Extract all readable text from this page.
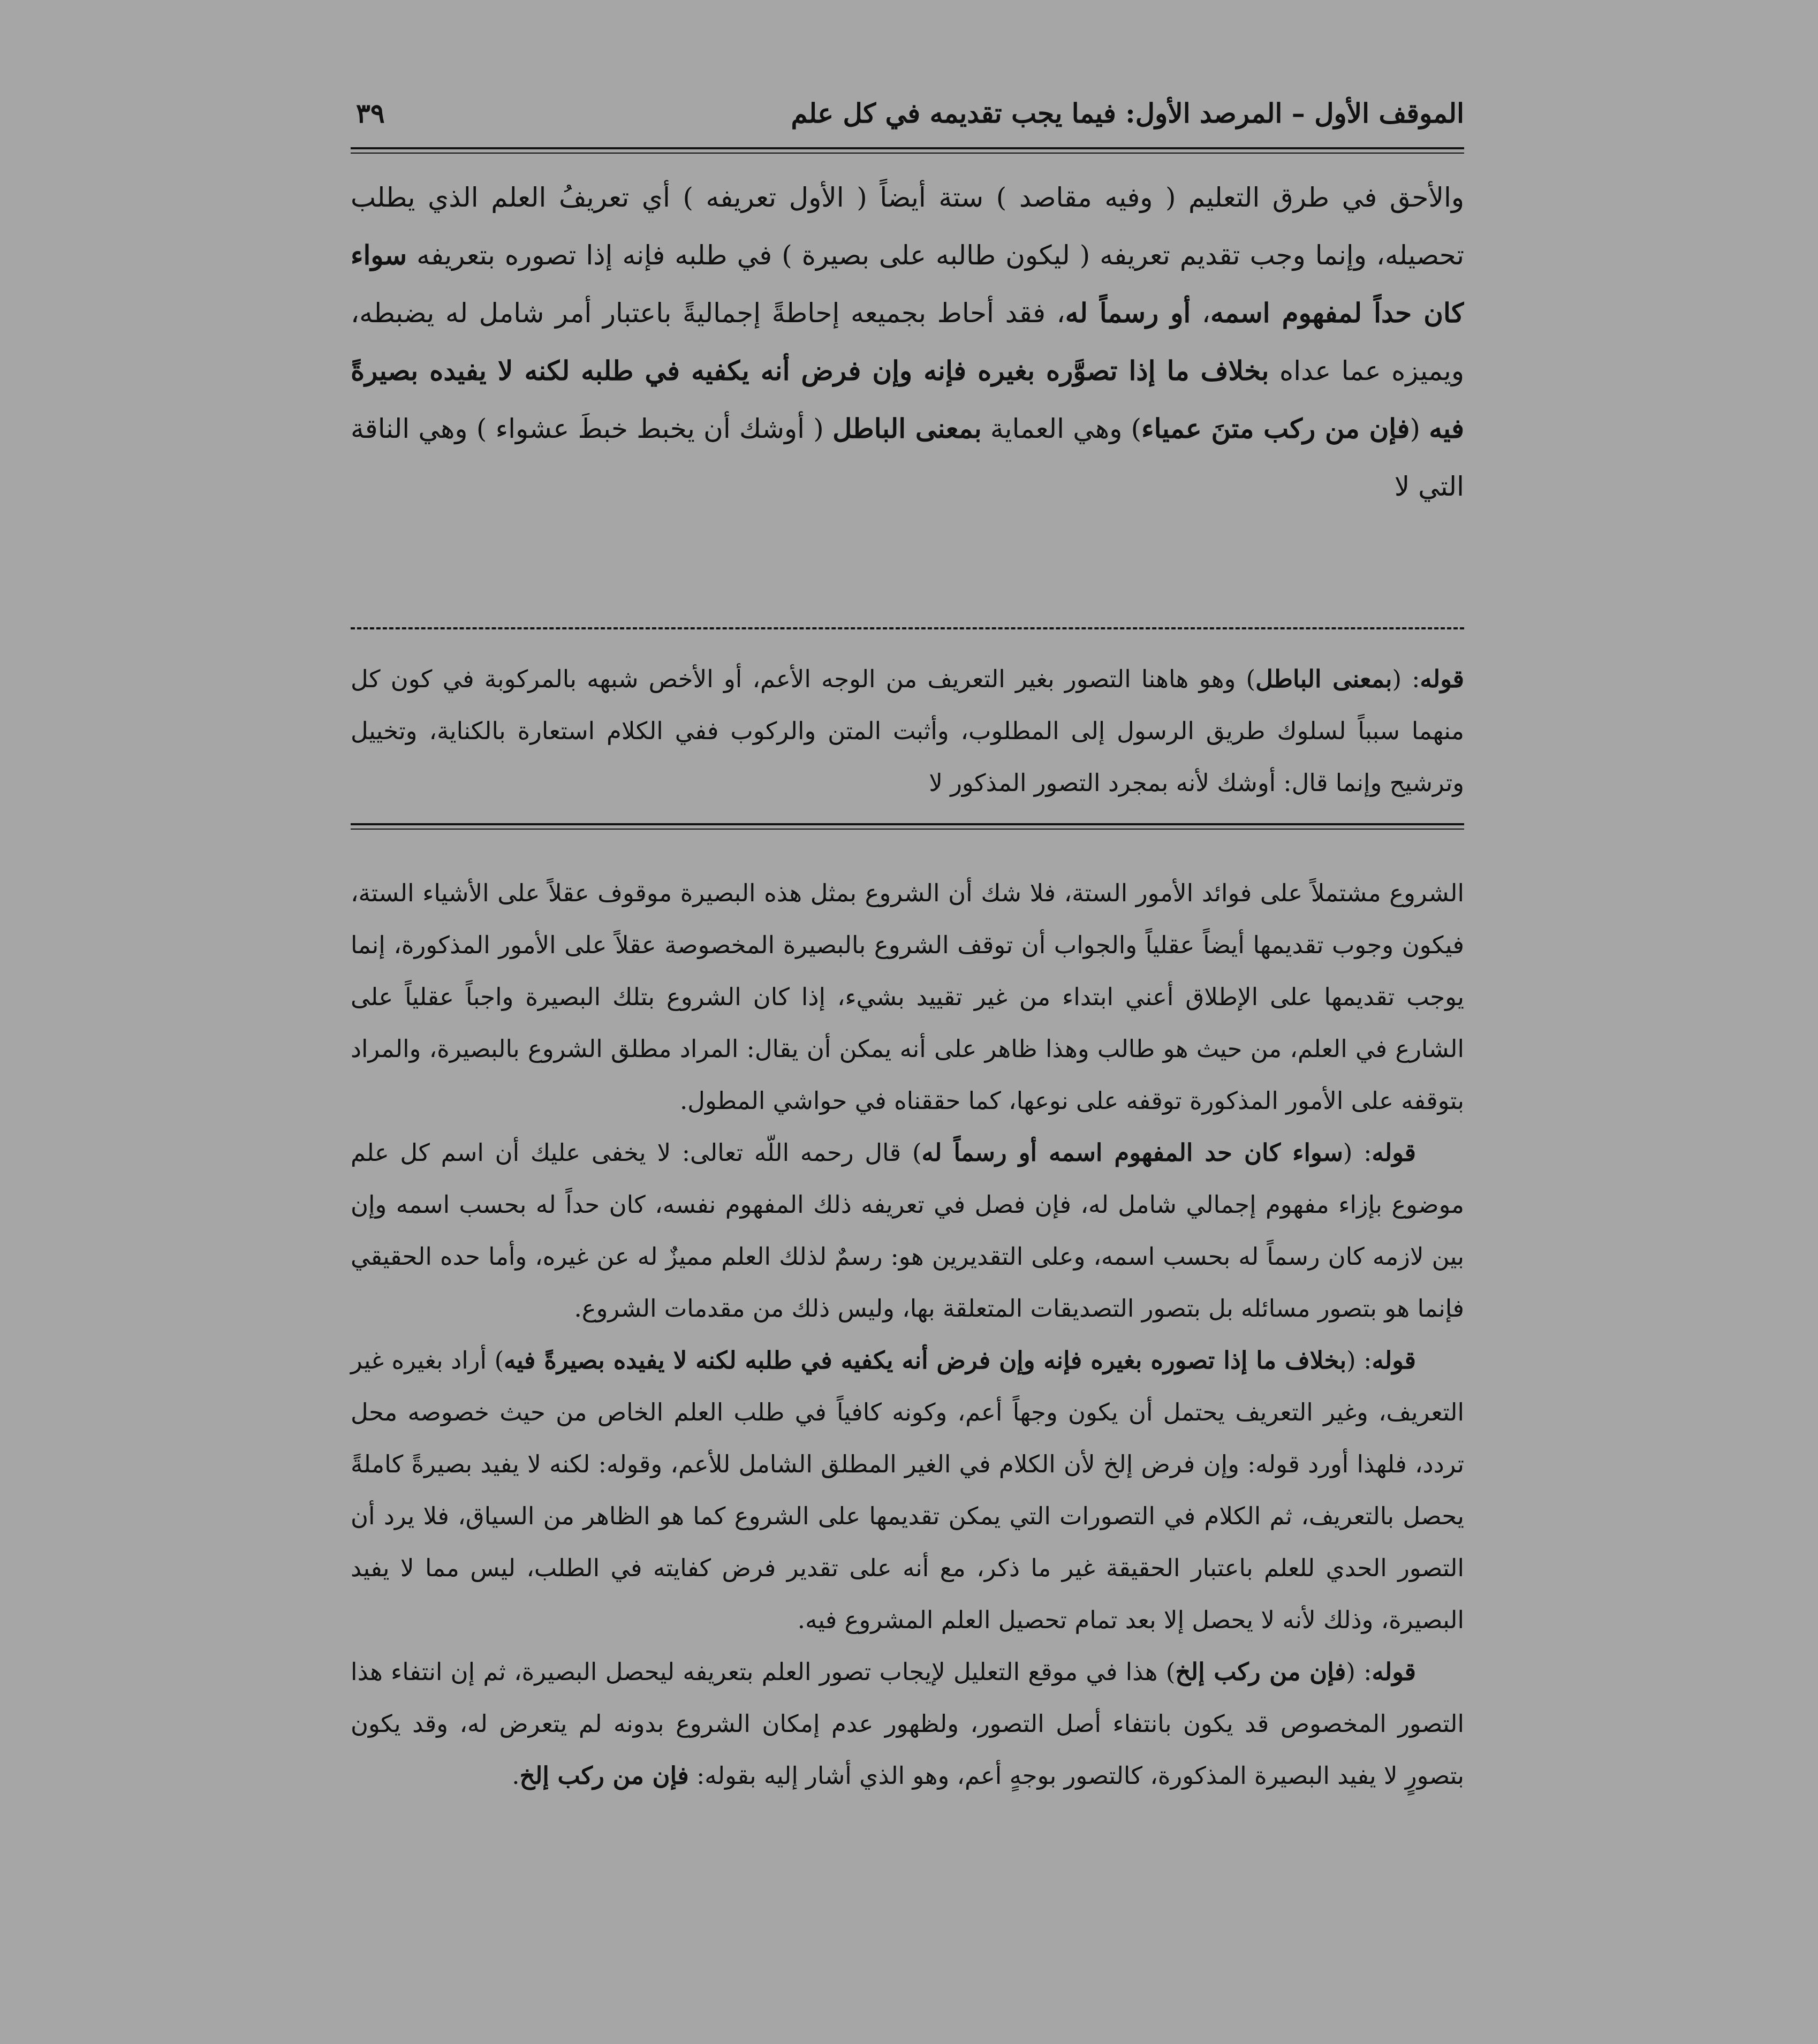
الموقف الأول – المرصد الأول: فيما يجب تقديمه في كل علم
٣٩
والأحق في طرق التعليم ( وفيه مقاصد ) ستة أيضاً ( الأول تعريفه ) أي تعريفُ العلم الذي يطلب تحصيله، وإنما وجب تقديم تعريفه ( ليكون طالبه على بصيرة ) في طلبه فإنه إذا تصوره بتعريفه سواء كان حداً لمفهوم اسمه، أو رسماً له، فقد أحاط بجميعه إحاطةً إجماليةً باعتبار أمر شامل له يضبطه، ويميزه عما عداه بخلاف ما إذا تصوَّره بغيره فإنه وإن فرض أنه يكفيه في طلبه لكنه لا يفيده بصيرةً فيه (فإن من ركب متنَ عمياء) وهي العماية بمعنى الباطل ( أوشك أن يخبط خبطَ عشواء ) وهي الناقة التي لا
قوله: (بمعنى الباطل) وهو هاهنا التصور بغير التعريف من الوجه الأعم، أو الأخص شبهه بالمركوبة في كون كل منهما سبباً لسلوك طريق الرسول إلى المطلوب، وأثبت المتن والركوب ففي الكلام استعارة بالكناية، وتخييل وترشيح وإنما قال: أوشك لأنه بمجرد التصور المذكور لا

الشروع مشتملاً على فوائد الأمور الستة، فلا شك أن الشروع بمثل هذه البصيرة موقوف عقلاً على الأشياء الستة، فيكون وجوب تقديمها أيضاً عقلياً والجواب أن توقف الشروع بالبصيرة المخصوصة عقلاً على الأمور المذكورة، إنما يوجب تقديمها على الإطلاق أعني ابتداء من غير تقييد بشيء، إذا كان الشروع بتلك البصيرة واجباً عقلياً على الشارع في العلم، من حيث هو طالب وهذا ظاهر على أنه يمكن أن يقال: المراد مطلق الشروع بالبصيرة، والمراد بتوقفه على الأمور المذكورة توقفه على نوعها، كما حققناه في حواشي المطول.

قوله: (سواء كان حد المفهوم اسمه أو رسماً له) قال رحمه اللّه تعالى: لا يخفى عليك أن اسم كل علم موضوع بإزاء مفهوم إجمالي شامل له، فإن فصل في تعريفه ذلك المفهوم نفسه، كان حداً له بحسب اسمه وإن بين لازمه كان رسماً له بحسب اسمه، وعلى التقديرين هو: رسمٌ لذلك العلم مميزٌ له عن غيره، وأما حده الحقيقي فإنما هو بتصور مسائله بل بتصور التصديقات المتعلقة بها، وليس ذلك من مقدمات الشروع.

قوله: (بخلاف ما إذا تصوره بغيره فإنه وإن فرض أنه يكفيه في طلبه لكنه لا يفيده بصيرةً فيه) أراد بغيره غير التعريف، وغير التعريف يحتمل أن يكون وجهاً أعم، وكونه كافياً في طلب العلم الخاص من حيث خصوصه محل تردد، فلهذا أورد قوله: وإن فرض إلخ لأن الكلام في الغير المطلق الشامل للأعم، وقوله: لكنه لا يفيد بصيرةً كاملةً يحصل بالتعريف، ثم الكلام في التصورات التي يمكن تقديمها على الشروع كما هو الظاهر من السياق، فلا يرد أن التصور الحدي للعلم باعتبار الحقيقة غير ما ذكر، مع أنه على تقدير فرض كفايته في الطلب، ليس مما لا يفيد البصيرة، وذلك لأنه لا يحصل إلا بعد تمام تحصيل العلم المشروع فيه.

قوله: (فإن من ركب إلخ) هذا في موقع التعليل لإيجاب تصور العلم بتعريفه ليحصل البصيرة، ثم إن انتفاء هذا التصور المخصوص قد يكون بانتفاء أصل التصور، ولظهور عدم إمكان الشروع بدونه لم يتعرض له، وقد يكون بتصورٍ لا يفيد البصيرة المذكورة، كالتصور بوجهٍ أعم، وهو الذي أشار إليه بقوله: فإن من ركب إلخ.
